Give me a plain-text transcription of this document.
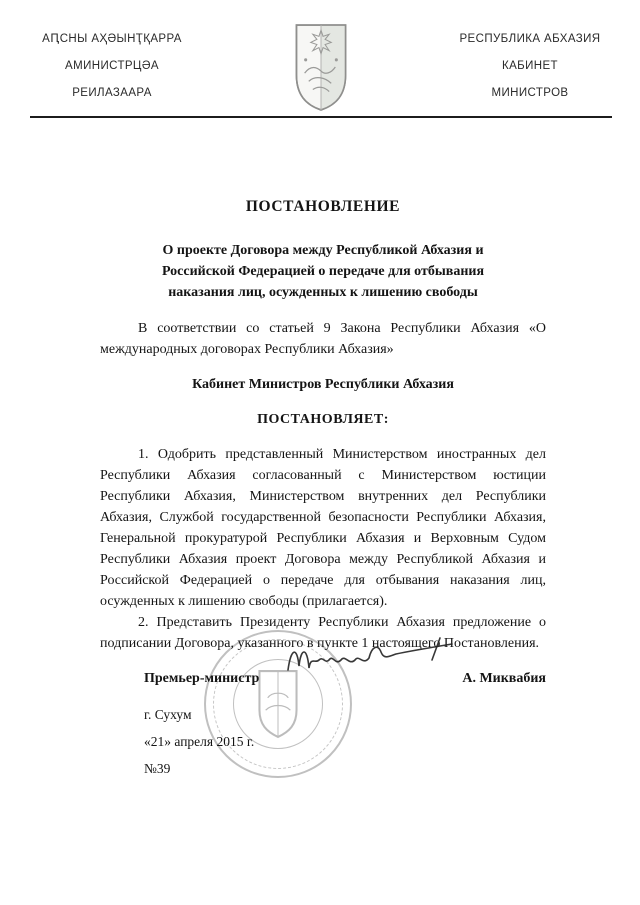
АԤСНЫ АҲӘЫНҬҚАРРА
АМИНИСТРЦӘА
РЕИЛАЗААРА
РЕСПУБЛИКА АБХАЗИЯ
КАБИНЕТ
МИНИСТРОВ
ПОСТАНОВЛЕНИЕ
О проекте Договора между Республикой Абхазия и
Российской Федерацией о передаче для отбывания
наказания лиц, осужденных к лишению свободы

В соответствии со статьей 9 Закона Республики Абхазия «О международных договорах Республики Абхазия»

Кабинет Министров Республики Абхазия
ПОСТАНОВЛЯЕТ:

1. Одобрить представленный Министерством иностранных дел Республики Абхазия согласованный с Министерством юстиции Республики Абхазия, Министерством внутренних дел Республики Абхазия, Службой государственной безопасности Республики Абхазия, Генеральной прокуратурой Республики Абхазия и Верховным Судом Республики Абхазия проект Договора между Республикой Абхазия и Российской Федерацией о передаче для отбывания наказания лиц, осужденных к лишению свободы (прилагается).

2. Представить Президенту Республики Абхазия предложение о подписании Договора, указанного в пункте 1 настоящего Постановления.

Премьер-министр	А. Миквабия
г. Сухум
«21» апреля 2015 г.
№39
